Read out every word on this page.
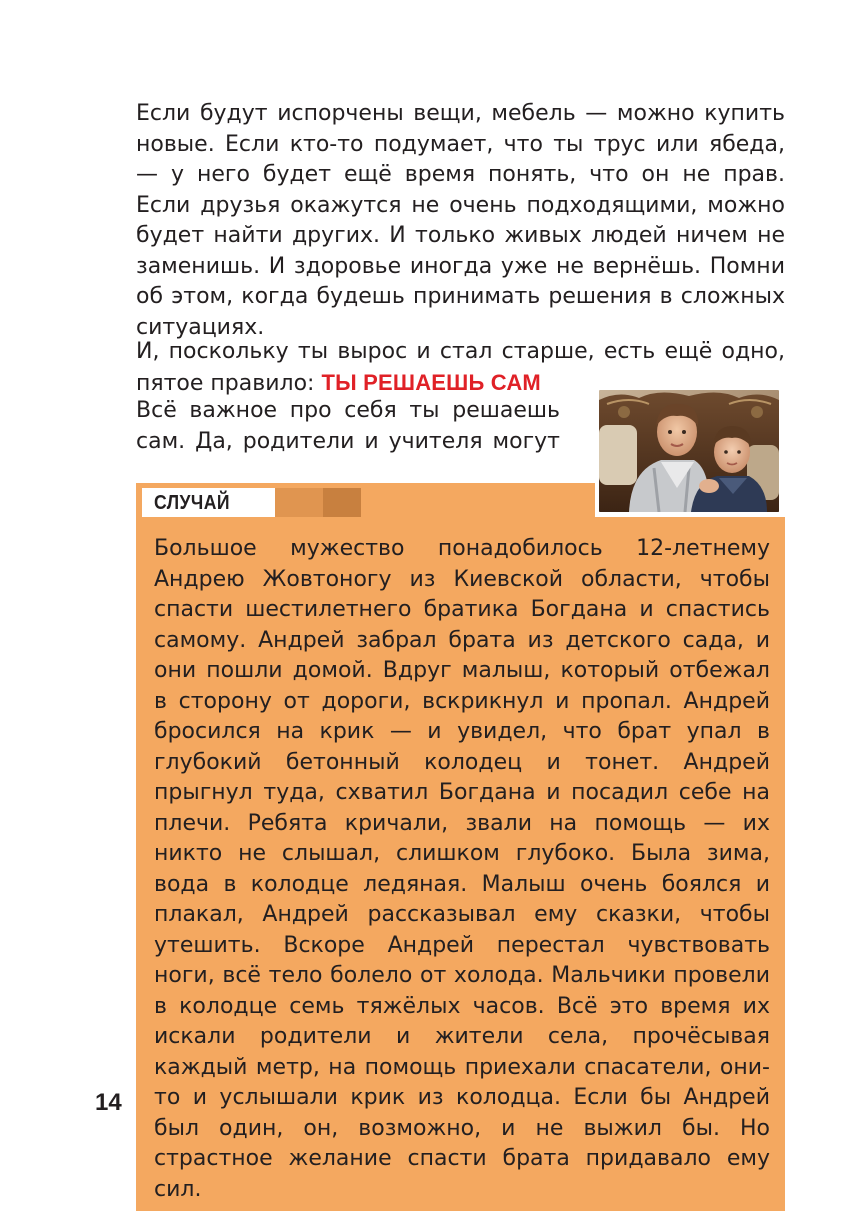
Если будут испорчены вещи, мебель — можно купить новые. Если кто-то подумает, что ты трус или ябеда, — у него будет ещё время понять, что он не прав. Если друзья окажутся не очень подходящими, можно будет найти других. И только живых людей ничем не заменишь. И здоровье иногда уже не вернёшь. Помни об этом, когда будешь принимать решения в сложных ситуациях.

И, поскольку ты вырос и стал старше, есть ещё одно, пятое правило: ТЫ РЕШАЕШЬ САМ

Всё важное про себя ты решаешь сам. Да, родители и учителя могут

СЛУЧАЙ

Большое мужество понадобилось 12-летнему Андрею Жовтоногу из Киевской области, чтобы спасти шестилетнего братика Богдана и спастись самому. Андрей забрал брата из детского сада, и они пошли домой. Вдруг малыш, который отбежал в сторону от дороги, вскрикнул и пропал. Андрей бросился на крик — и увидел, что брат упал в глубокий бетонный колодец и тонет. Андрей прыгнул туда, схватил Богдана и посадил себе на плечи. Ребята кричали, звали на помощь — их никто не слышал, слишком глубоко. Была зима, вода в колодце ледяная. Малыш очень боялся и плакал, Андрей рассказывал ему сказки, чтобы утешить. Вскоре Андрей перестал чувствовать ноги, всё тело болело от холода. Мальчики провели в колодце семь тяжёлых часов. Всё это время их искали родители и жители села, прочёсывая каждый метр, на помощь приехали спасатели, они-то и услышали крик из колодца. Если бы Андрей был один, он, возможно, и не выжил бы. Но страстное желание спасти брата придавало ему сил.

14
